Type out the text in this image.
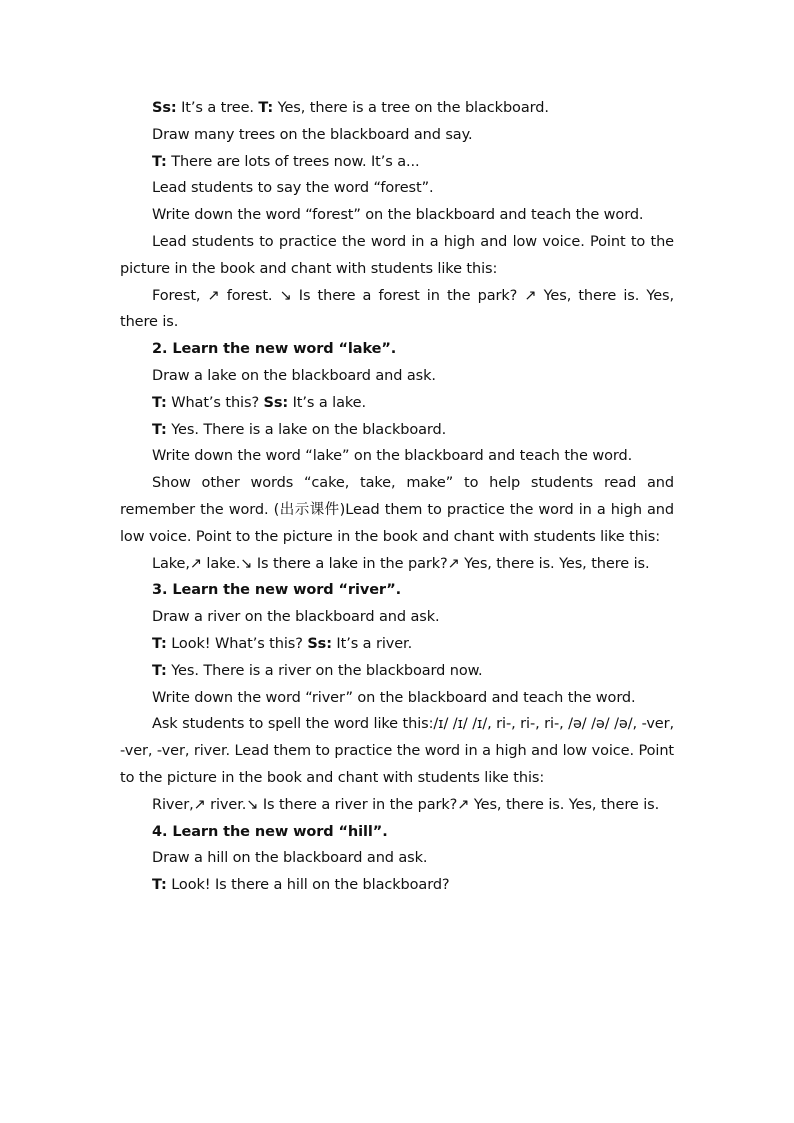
Ss: It’s a tree. T: Yes, there is a tree on the blackboard.

Draw many trees on the blackboard and say.

T: There are lots of trees now. It’s a...

Lead students to say the word “forest”.

Write down the word “forest” on the blackboard and teach the word.

Lead students to practice the word in a high and low voice. Point to the picture in the book and chant with students like this:

Forest, ↗ forest. ↘ Is there a forest in the park? ↗ Yes, there is. Yes, there is.

2. Learn the new word “lake”.

Draw a lake on the blackboard and ask.

T: What’s this? Ss: It’s a lake.

T: Yes. There is a lake on the blackboard.

Write down the word “lake” on the blackboard and teach the word.

Show other words “cake, take, make” to help students read and remember the word. (出示课件)Lead them to practice the word in a high and low voice. Point to the picture in the book and chant with students like this:

Lake,↗ lake.↘ Is there a lake in the park?↗ Yes, there is. Yes, there is.

3. Learn the new word “river”.

Draw a river on the blackboard and ask.

T: Look! What’s this? Ss: It’s a river.

T: Yes. There is a river on the blackboard now.

Write down the word “river” on the blackboard and teach the word.

Ask students to spell the word like this:/ɪ/ /ɪ/ /ɪ/, ri-, ri-, ri-, /ə/ /ə/ /ə/, -ver, -ver, -ver, river. Lead them to practice the word in a high and low voice. Point to the picture in the book and chant with students like this:

River,↗ river.↘ Is there a river in the park?↗ Yes, there is. Yes, there is.

4. Learn the new word “hill”.

Draw a hill on the blackboard and ask.

T: Look! Is there a hill on the blackboard?
